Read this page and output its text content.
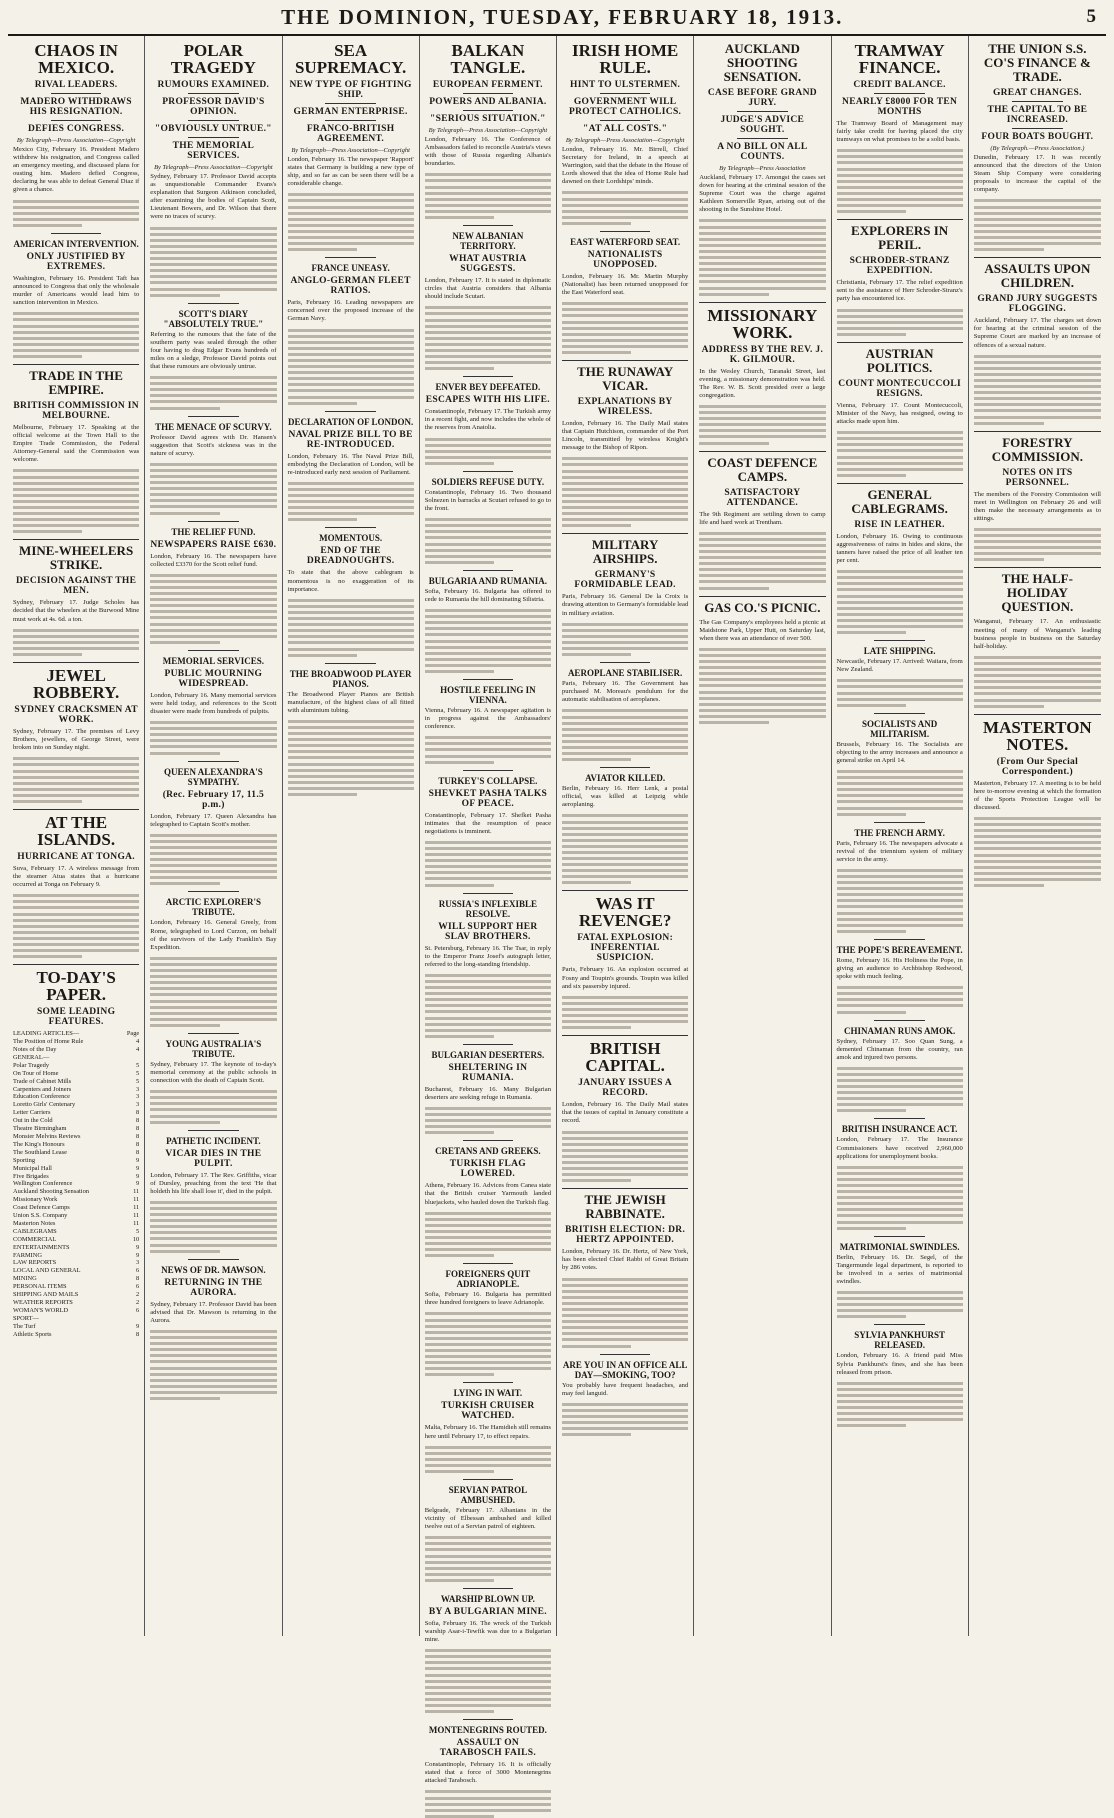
THE DOMINION, TUESDAY, FEBRUARY 18, 1913.	5
CHAOS IN MEXICO.
RIVAL LEADERS.
MADERO WITHDRAWS HIS RESIGNATION.
DEFIES CONGRESS.
By Telegraph—Press Association—Copyright
Mexico City, February 16. President Madero withdrew his resignation, and Congress called an emergency meeting, and discussed plans for ousting him. Madero defied Congress, declaring he was able to defeat General Diaz if given a chance.
AMERICAN INTERVENTION.
ONLY JUSTIFIED BY EXTREMES.
Washington, February 16. President Taft has announced to Congress that only the wholesale murder of Americans would lead him to sanction intervention in Mexico.
TRADE IN THE EMPIRE.
BRITISH COMMISSION IN MELBOURNE.
Melbourne, February 17. Speaking at the official welcome at the Town Hall to the Empire Trade Commission, the Federal Attorney-General said the Commission was welcome.
MINE-WHEELERS STRIKE.
DECISION AGAINST THE MEN.
Sydney, February 17. Judge Scholes has decided that the wheelers at the Burwood Mine must work at 4s. 6d. a ton.
JEWEL ROBBERY.
SYDNEY CRACKSMEN AT WORK.
Sydney, February 17. The premises of Levy Brothers, jewellers, of George Street, were broken into on Sunday night.
AT THE ISLANDS.
HURRICANE AT TONGA.
Suva, February 17. A wireless message from the steamer Atua states that a hurricane occurred at Tonga on February 9.
TO-DAY'S PAPER.
SOME LEADING FEATURES.
LEADING ARTICLES—	Page
The Position of Home Rule	4
Notes of the Day	4
GENERAL—
Polar Tragedy	5
On Tour of Home	5
Trade of Cabinet Mills	5
Carpenters and Joiners	3
Education Conference	3
Loretto Girls' Centenary	3
Letter Carriers	8
Out in the Cold	8
Theatre Birmingham	8
Monsier Melvins Reviews	8
The King's Honours	8
The Southland Lease	8
Sporting	9
Municipal Hall	9
Five Brigades	9
Wellington Conference	9
Auckland Shooting Sensation	11
Missionary Work	11
Coast Defence Camps	11
Union S.S. Company	11
Masterton Notes	11
CABLEGRAMS	5
COMMERCIAL	10
ENTERTAINMENTS	9
FARMING	9
LAW REPORTS	3
LOCAL AND GENERAL	6
MINING	8
PERSONAL ITEMS	6
SHIPPING AND MAILS	2
WEATHER REPORTS	2
WOMAN'S WORLD	6
SPORT—
The Turf	9
Athletic Sports	8
POLAR TRAGEDY
RUMOURS EXAMINED.
PROFESSOR DAVID'S OPINION.
"OBVIOUSLY UNTRUE."
THE MEMORIAL SERVICES.
By Telegraph—Press Association—Copyright
Sydney, February 17. Professor David accepts as unquestionable Commander Evans's explanation that Surgeon Atkinson concluded, after examining the bodies of Captain Scott, Lieutenant Bowers, and Dr. Wilson that there were no traces of scurvy.
SCOTT'S DIARY "ABSOLUTELY TRUE."
Referring to the rumours that the fate of the southern party was sealed through the other four having to drag Edgar Evans hundreds of miles on a sledge, Professor David points out that these rumours are obviously untrue.
THE MENACE OF SCURVY.
Professor David agrees with Dr. Hansen's suggestion that Scott's sickness was in the nature of scurvy.
THE RELIEF FUND.
NEWSPAPERS RAISE £630.
London, February 16. The newspapers have collected £3370 for the Scott relief fund.
MEMORIAL SERVICES.
PUBLIC MOURNING WIDESPREAD.
London, February 16. Many memorial services were held today, and references to the Scott disaster were made from hundreds of pulpits.
QUEEN ALEXANDRA'S SYMPATHY.
(Rec. February 17, 11.5 p.m.)
London, February 17. Queen Alexandra has telegraphed to Captain Scott's mother.
ARCTIC EXPLORER'S TRIBUTE.
London, February 16. General Greely, from Rome, telegraphed to Lord Curzon, on behalf of the survivors of the Lady Franklin's Bay Expedition.
YOUNG AUSTRALIA'S TRIBUTE.
Sydney, February 17. The keynote of to-day's memorial ceremony at the public schools in connection with the death of Captain Scott.
PATHETIC INCIDENT.
VICAR DIES IN THE PULPIT.
London, February 17. The Rev. Griffiths, vicar of Dursley, preaching from the text 'He that holdeth his life shall lose it', died in the pulpit.
NEWS OF DR. MAWSON.
RETURNING IN THE AURORA.
Sydney, February 17. Professor David has been advised that Dr. Mawson is returning in the Aurora.
SEA SUPREMACY.
NEW TYPE OF FIGHTING SHIP.
GERMAN ENTERPRISE.
FRANCO-BRITISH AGREEMENT.
By Telegraph—Press Association—Copyright
London, February 16. The newspaper 'Rapport' states that Germany is building a new type of ship, and so far as can be seen there will be a considerable change.
FRANCE UNEASY.
ANGLO-GERMAN FLEET RATIOS.
Paris, February 16. Leading newspapers are concerned over the proposed increase of the German Navy.
DECLARATION OF LONDON.
NAVAL PRIZE BILL TO BE RE-INTRODUCED.
London, February 16. The Naval Prize Bill, embodying the Declaration of London, will be re-introduced early next session of Parliament.
MOMENTOUS.
END OF THE DREADNOUGHTS.
To state that the above cablegram is momentous is no exaggeration of its importance.
THE BROADWOOD PLAYER PIANOS.
The Broadwood Player Pianos are British manufacture, of the highest class of all fitted with aluminium tubing.
BALKAN TANGLE.
EUROPEAN FERMENT.
POWERS AND ALBANIA.
"SERIOUS SITUATION."
By Telegraph—Press Association—Copyright
London, February 16. The Conference of Ambassadors failed to reconcile Austria's views with those of Russia regarding Albania's boundaries.
NEW ALBANIAN TERRITORY.
WHAT AUSTRIA SUGGESTS.
London, February 17. It is stated in diplomatic circles that Austria considers that Albania should include Scutari.
ENVER BEY DEFEATED.
ESCAPES WITH HIS LIFE.
Constantinople, February 17. The Turkish army in a recent fight, and now includes the whole of the reserves from Anatolia.
SOLDIERS REFUSE DUTY.
Constantinople, February 16. Two thousand Solnezen in barracks at Scutari refused to go to the front.
BULGARIA AND RUMANIA.
Sofia, February 16. Bulgaria has offered to cede to Rumania the hill dominating Silistria.
HOSTILE FEELING IN VIENNA.
Vienna, February 16. A newspaper agitation is in progress against the Ambassadors' conference.
TURKEY'S COLLAPSE.
SHEVKET PASHA TALKS OF PEACE.
Constantinople, February 17. Shefket Pasha intimates that the resumption of peace negotiations is imminent.
RUSSIA'S INFLEXIBLE RESOLVE.
WILL SUPPORT HER SLAV BROTHERS.
St. Petersburg, February 16. The Tsar, in reply to the Emperor Franz Josef's autograph letter, referred to the long-standing friendship.
BULGARIAN DESERTERS.
SHELTERING IN RUMANIA.
Bucharest, February 16. Many Bulgarian deserters are seeking refuge in Rumania.
CRETANS AND GREEKS.
TURKISH FLAG LOWERED.
Athens, February 16. Advices from Canea state that the British cruiser Yarmouth landed bluejackets, who hauled down the Turkish flag.
FOREIGNERS QUIT ADRIANOPLE.
Sofia, February 16. Bulgaria has permitted three hundred foreigners to leave Adrianople.
LYING IN WAIT.
TURKISH CRUISER WATCHED.
Malta, February 16. The Hamidieh still remains here until February 17, to effect repairs.
SERVIAN PATROL AMBUSHED.
Belgrade, February 17. Albanians in the vicinity of Elbessan ambushed and killed twelve out of a Servian patrol of eighteen.
WARSHIP BLOWN UP.
BY A BULGARIAN MINE.
Sofia, February 16. The wreck of the Turkish warship Asar-i-Tewfik was due to a Bulgarian mine.
MONTENEGRINS ROUTED.
ASSAULT ON TARABOSCH FAILS.
Constantinople, February 16. It is officially stated that a force of 3000 Montenegrins attacked Tarabosch.
IRISH HOME RULE.
HINT TO ULSTERMEN.
GOVERNMENT WILL PROTECT CATHOLICS.
"AT ALL COSTS."
By Telegraph—Press Association—Copyright
London, February 16. Mr. Birrell, Chief Secretary for Ireland, in a speech at Warrington, said that the debate in the House of Lords showed that the idea of Home Rule had dawned on their Lordships' minds.
EAST WATERFORD SEAT.
NATIONALISTS UNOPPOSED.
London, February 16. Mr. Martin Murphy (Nationalist) has been returned unopposed for the East Waterford seat.
THE RUNAWAY VICAR.
EXPLANATIONS BY WIRELESS.
London, February 16. The Daily Mail states that Captain Hutchison, commander of the Port Lincoln, transmitted by wireless Knight's message to the Bishop of Ripon.
MILITARY AIRSHIPS.
GERMANY'S FORMIDABLE LEAD.
Paris, February 16. General De la Croix is drawing attention to Germany's formidable lead in military aviation.
AEROPLANE STABILISER.
Paris, February 16. The Government has purchased M. Moreau's pendulum for the automatic stabilisation of aeroplanes.
AVIATOR KILLED.
Berlin, February 16. Herr Lenk, a postal official, was killed at Leipzig while aeroplaning.
WAS IT REVENGE?
FATAL EXPLOSION: INFERENTIAL SUSPICION.
Paris, February 16. An explosion occurred at Fosny and Toupin's grounds. Toupin was killed and six passersby injured.
BRITISH CAPITAL.
JANUARY ISSUES A RECORD.
London, February 16. The Daily Mail states that the issues of capital in January constitute a record.
THE JEWISH RABBINATE.
BRITISH ELECTION: DR. HERTZ APPOINTED.
London, February 16. Dr. Hertz, of New York, has been elected Chief Rabbi of Great Britain by 286 votes.
ARE YOU IN AN OFFICE ALL DAY—SMOKING, TOO?
You probably have frequent headaches, and may feel languid.
AUCKLAND SHOOTING SENSATION.
CASE BEFORE GRAND JURY.
JUDGE'S ADVICE SOUGHT.
A NO BILL ON ALL COUNTS.
By Telegraph—Press Association
Auckland, February 17. Amongst the cases set down for hearing at the criminal session of the Supreme Court was the charge against Kathleen Somerville Ryan, arising out of the shooting in the Sunshine Hotel.
MISSIONARY WORK.
ADDRESS BY THE REV. J. K. GILMOUR.
In the Wesley Church, Taranaki Street, last evening, a missionary demonstration was held. The Rev. W. B. Scott presided over a large congregation.
COAST DEFENCE CAMPS.
SATISFACTORY ATTENDANCE.
The 9th Regiment are settling down to camp life and hard work at Trentham.
GAS CO.'S PICNIC.
The Gas Company's employees held a picnic at Maidstone Park, Upper Hutt, on Saturday last, when there was an attendance of over 500.
TRAMWAY FINANCE.
CREDIT BALANCE.
NEARLY £8000 FOR TEN MONTHS
The Tramway Board of Management may fairly take credit for having placed the city tramways on what promises to be a solid basis.
EXPLORERS IN PERIL.
SCHRODER-STRANZ EXPEDITION.
Christiania, February 17. The relief expedition sent to the assistance of Herr Schroder-Stranz's party has encountered ice.
AUSTRIAN POLITICS.
COUNT MONTECUCCOLI RESIGNS.
Vienna, February 17. Count Montecuccoli, Minister of the Navy, has resigned, owing to attacks made upon him.
GENERAL CABLEGRAMS.
RISE IN LEATHER.
London, February 16. Owing to continuous aggressiveness of rains in hides and skins, the tanners have raised the price of all leather ten per cent.
LATE SHIPPING.
Newcastle, February 17. Arrived: Waitara, from New Zealand.
SOCIALISTS AND MILITARISM.
Brussels, February 16. The Socialists are objecting to the army increases and announce a general strike on April 14.
THE FRENCH ARMY.
Paris, February 16. The newspapers advocate a revival of the triennium system of military service in the army.
THE POPE'S BEREAVEMENT.
Rome, February 16. His Holiness the Pope, in giving an audience to Archbishop Redwood, spoke with much feeling.
CHINAMAN RUNS AMOK.
Sydney, February 17. Soo Quan Sung, a demented Chinaman from the country, ran amok and injured two persons.
BRITISH INSURANCE ACT.
London, February 17. The Insurance Commissioners have received 2,960,000 applications for unemployment books.
MATRIMONIAL SWINDLES.
Berlin, February 16. Dr. Segel, of the Tangermunde legal department, is reported to be involved in a series of matrimonial swindles.
SYLVIA PANKHURST RELEASED.
London, February 16. A friend paid Miss Sylvia Pankhurst's fines, and she has been released from prison.
THE UNION S.S. CO'S FINANCE & TRADE.
GREAT CHANGES.
THE CAPITAL TO BE INCREASED.
FOUR BOATS BOUGHT.
(By Telegraph.—Press Association.)
Dunedin, February 17. It was recently announced that the directors of the Union Steam Ship Company were considering proposals to increase the capital of the company.
ASSAULTS UPON CHILDREN.
GRAND JURY SUGGESTS FLOGGING.
Auckland, February 17. The charges set down for hearing at the criminal session of the Supreme Court are marked by an increase of offences of a sexual nature.
FORESTRY COMMISSION.
NOTES ON ITS PERSONNEL.
The members of the Forestry Commission will meet in Wellington on February 26 and will then make the necessary arrangements as to sittings.
THE HALF-HOLIDAY QUESTION.
Wanganui, February 17. An enthusiastic meeting of many of Wanganui's leading business people in business on the Saturday half-holiday.
MASTERTON NOTES.
(From Our Special Correspondent.)
Masterton, February 17. A meeting is to be held here to-morrow evening at which the formation of the Sports Protection League will be discussed.
